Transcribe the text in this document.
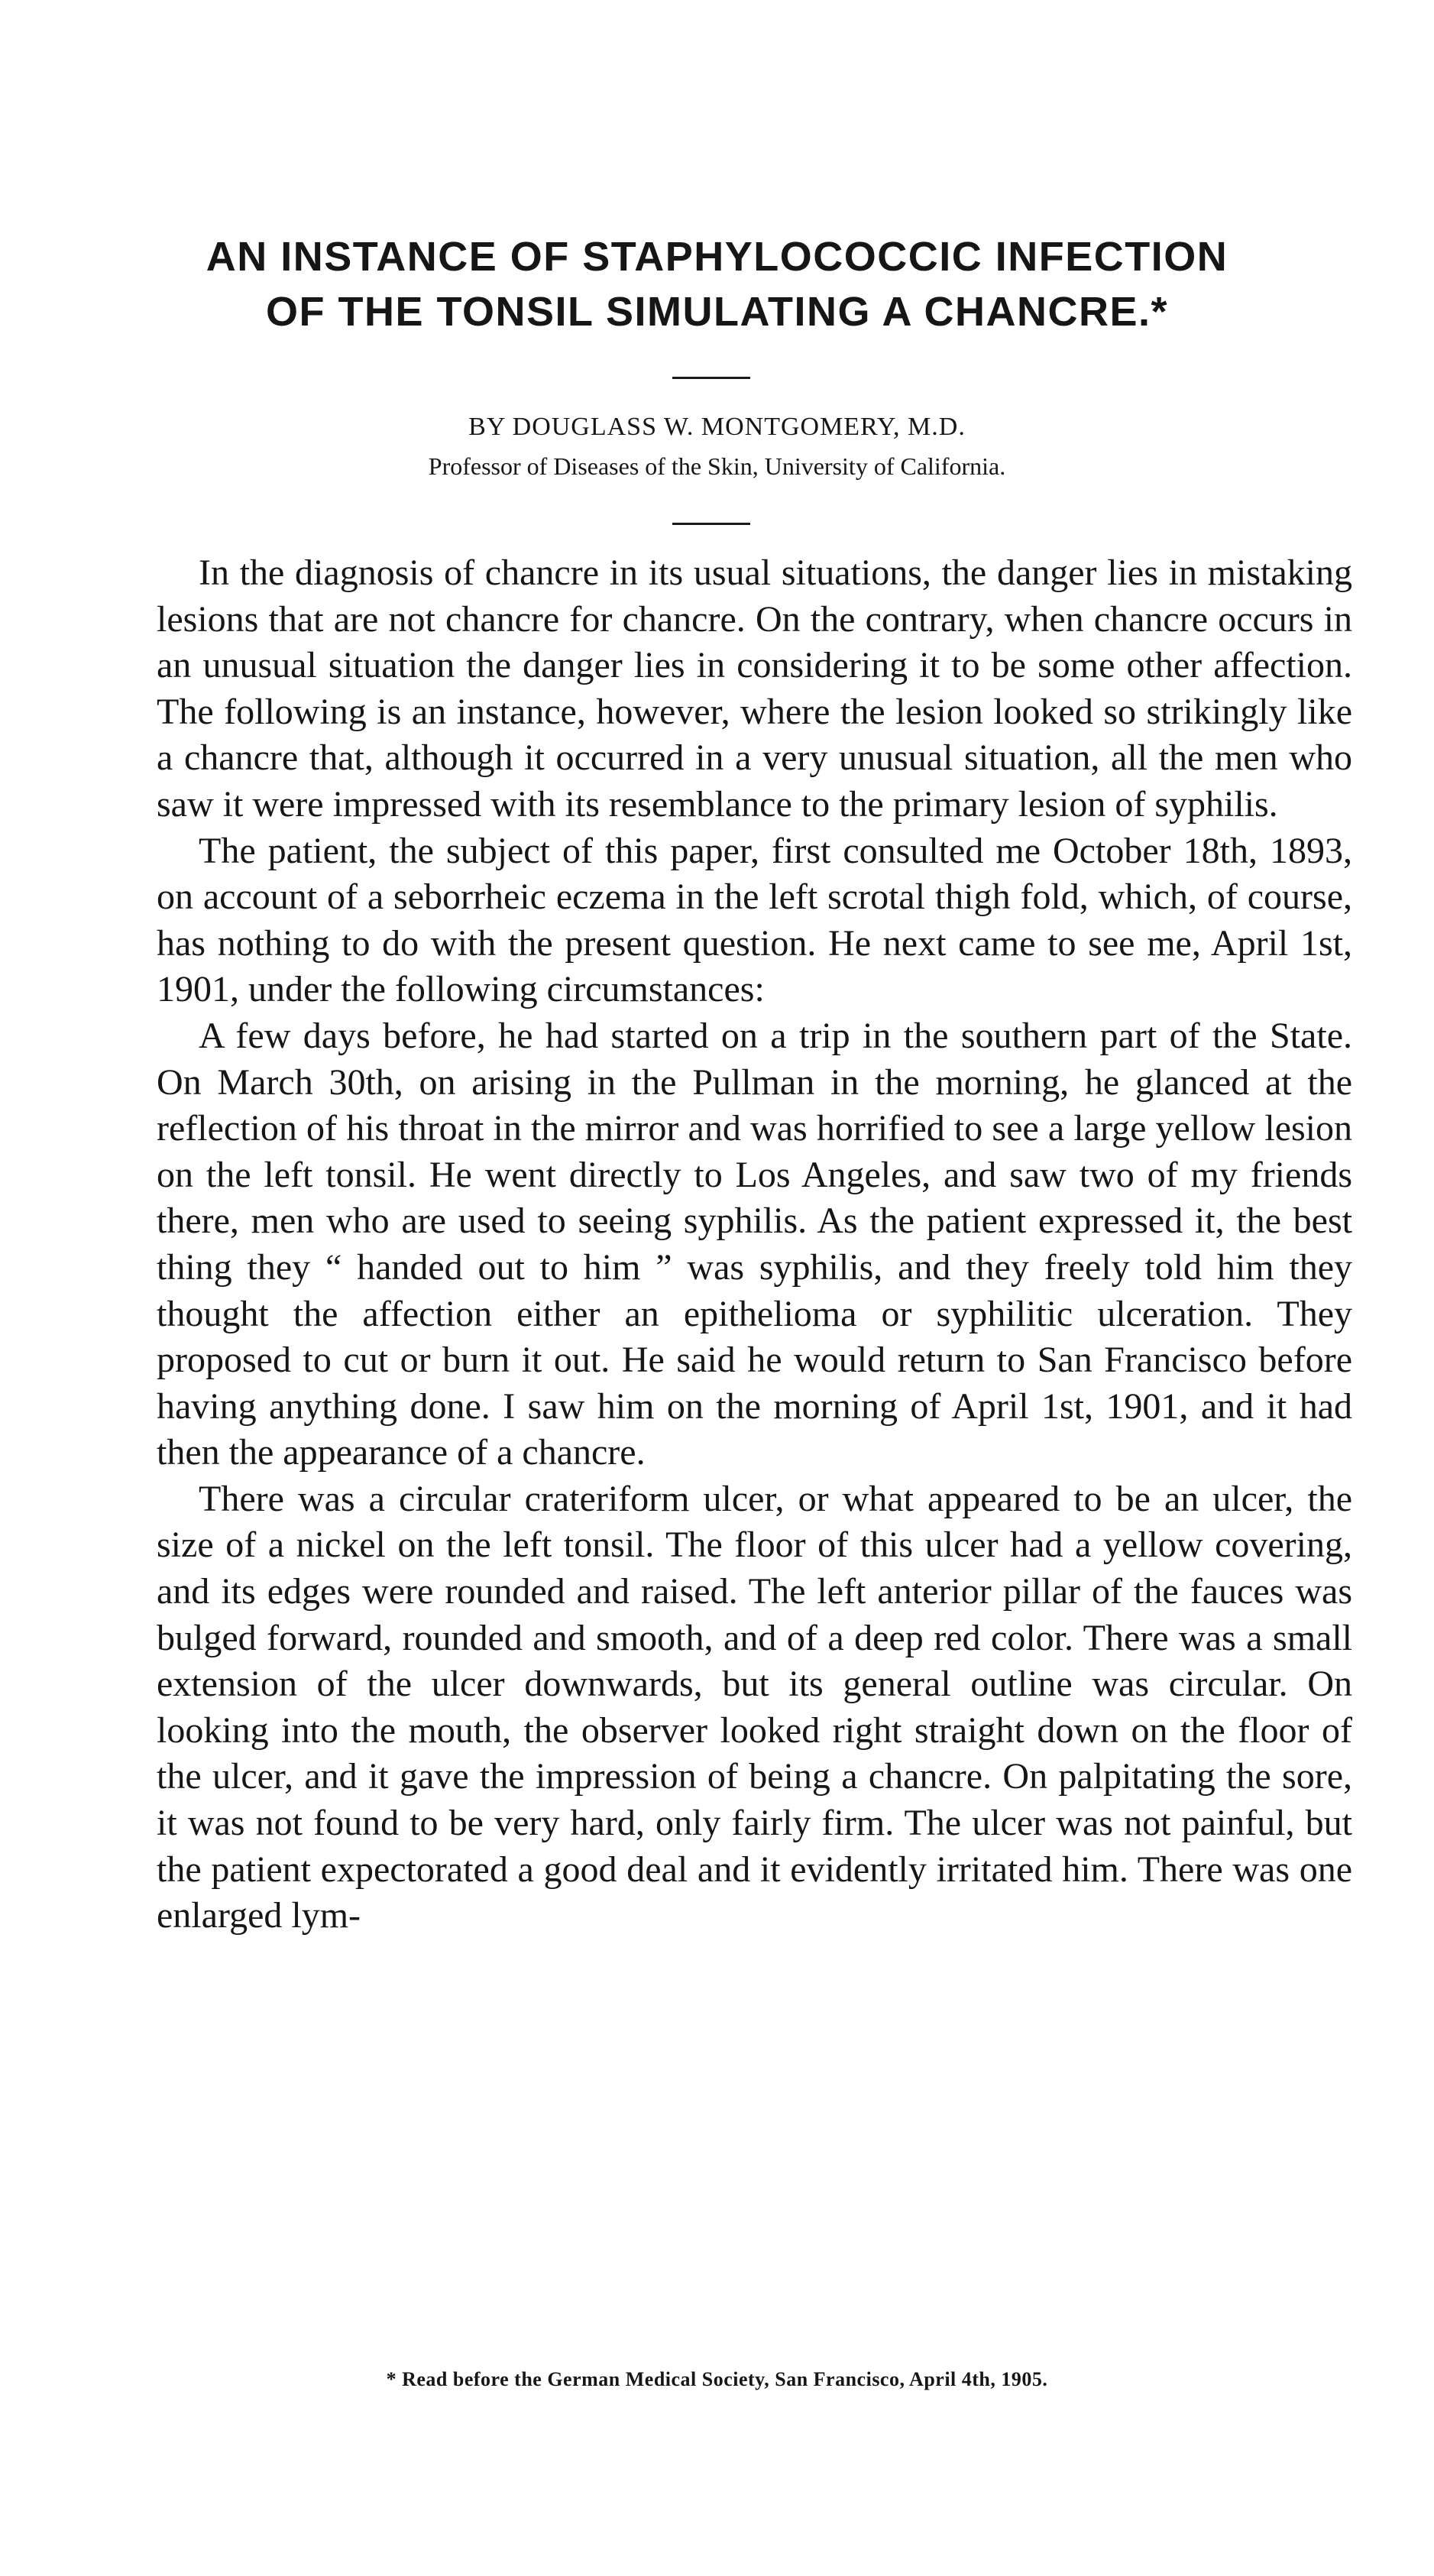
AN INSTANCE OF STAPHYLOCOCCIC INFECTION
OF THE TONSIL SIMULATING A CHANCRE.*
BY DOUGLASS W. MONTGOMERY, M.D.
Professor of Diseases of the Skin, University of California.

In the diagnosis of chancre in its usual situations, the danger lies in mistaking lesions that are not chancre for chancre. On the contrary, when chancre occurs in an unusual situation the danger lies in considering it to be some other affection. The following is an instance, however, where the lesion looked so strikingly like a chancre that, although it occurred in a very unusual situation, all the men who saw it were impressed with its resemblance to the primary lesion of syphilis.

The patient, the subject of this paper, first consulted me October 18th, 1893, on account of a seborrheic eczema in the left scrotal thigh fold, which, of course, has nothing to do with the present question. He next came to see me, April 1st, 1901, under the following circumstances:

A few days before, he had started on a trip in the southern part of the State. On March 30th, on arising in the Pullman in the morning, he glanced at the reflection of his throat in the mirror and was horrified to see a large yellow lesion on the left tonsil. He went directly to Los Angeles, and saw two of my friends there, men who are used to seeing syphilis. As the patient expressed it, the best thing they “ handed out to him ” was syphilis, and they freely told him they thought the affection either an epithelioma or syphilitic ulceration. They proposed to cut or burn it out. He said he would return to San Francisco before having anything done. I saw him on the morning of April 1st, 1901, and it had then the appearance of a chancre.

There was a circular crateriform ulcer, or what appeared to be an ulcer, the size of a nickel on the left tonsil. The floor of this ulcer had a yellow covering, and its edges were rounded and raised. The left anterior pillar of the fauces was bulged forward, rounded and smooth, and of a deep red color. There was a small extension of the ulcer downwards, but its general outline was circular. On looking into the mouth, the observer looked right straight down on the floor of the ulcer, and it gave the impression of being a chancre. On palpitating the sore, it was not found to be very hard, only fairly firm. The ulcer was not painful, but the patient expectorated a good deal and it evidently irritated him. There was one enlarged lym-

* Read before the German Medical Society, San Francisco, April 4th, 1905.
